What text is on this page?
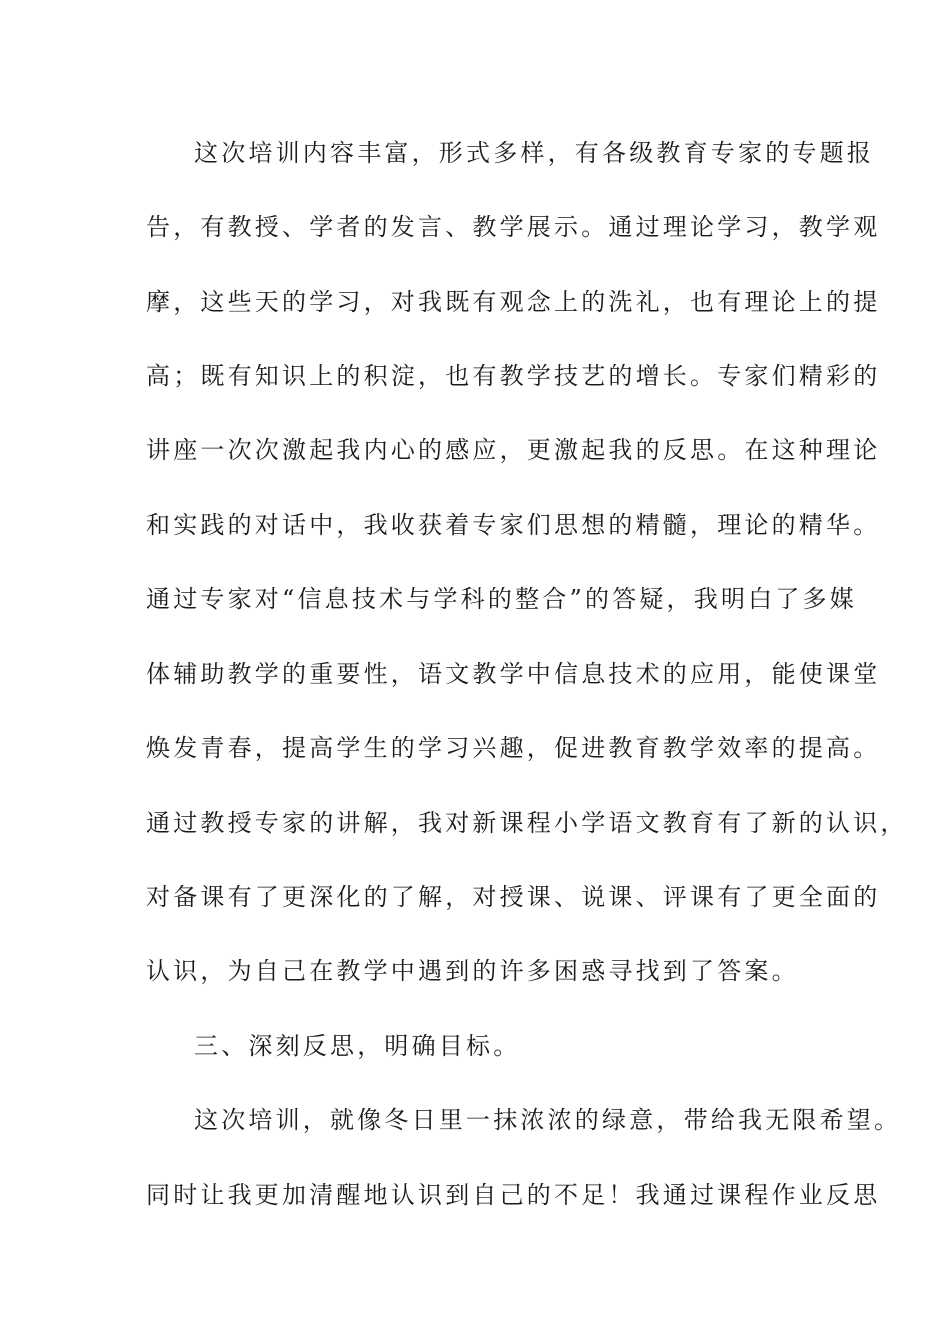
这次培训内容丰富，形式多样，有各级教育专家的专题报
告，有教授、学者的发言、教学展示。通过理论学习，教学观
摩，这些天的学习，对我既有观念上的洗礼，也有理论上的提
高；既有知识上的积淀，也有教学技艺的增长。专家们精彩的
讲座一次次激起我内心的感应，更激起我的反思。在这种理论
和实践的对话中，我收获着专家们思想的精髓，理论的精华。
通过专家对“信息技术与学科的整合”的答疑，我明白了多媒
体辅助教学的重要性，语文教学中信息技术的应用，能使课堂
焕发青春，提高学生的学习兴趣，促进教育教学效率的提高。
通过教授专家的讲解，我对新课程小学语文教育有了新的认识，
对备课有了更深化的了解，对授课、说课、评课有了更全面的
认识，为自己在教学中遇到的许多困惑寻找到了答案。
三、深刻反思，明确目标。
这次培训，就像冬日里一抹浓浓的绿意，带给我无限希望。
同时让我更加清醒地认识到自己的不足！我通过课程作业反思
